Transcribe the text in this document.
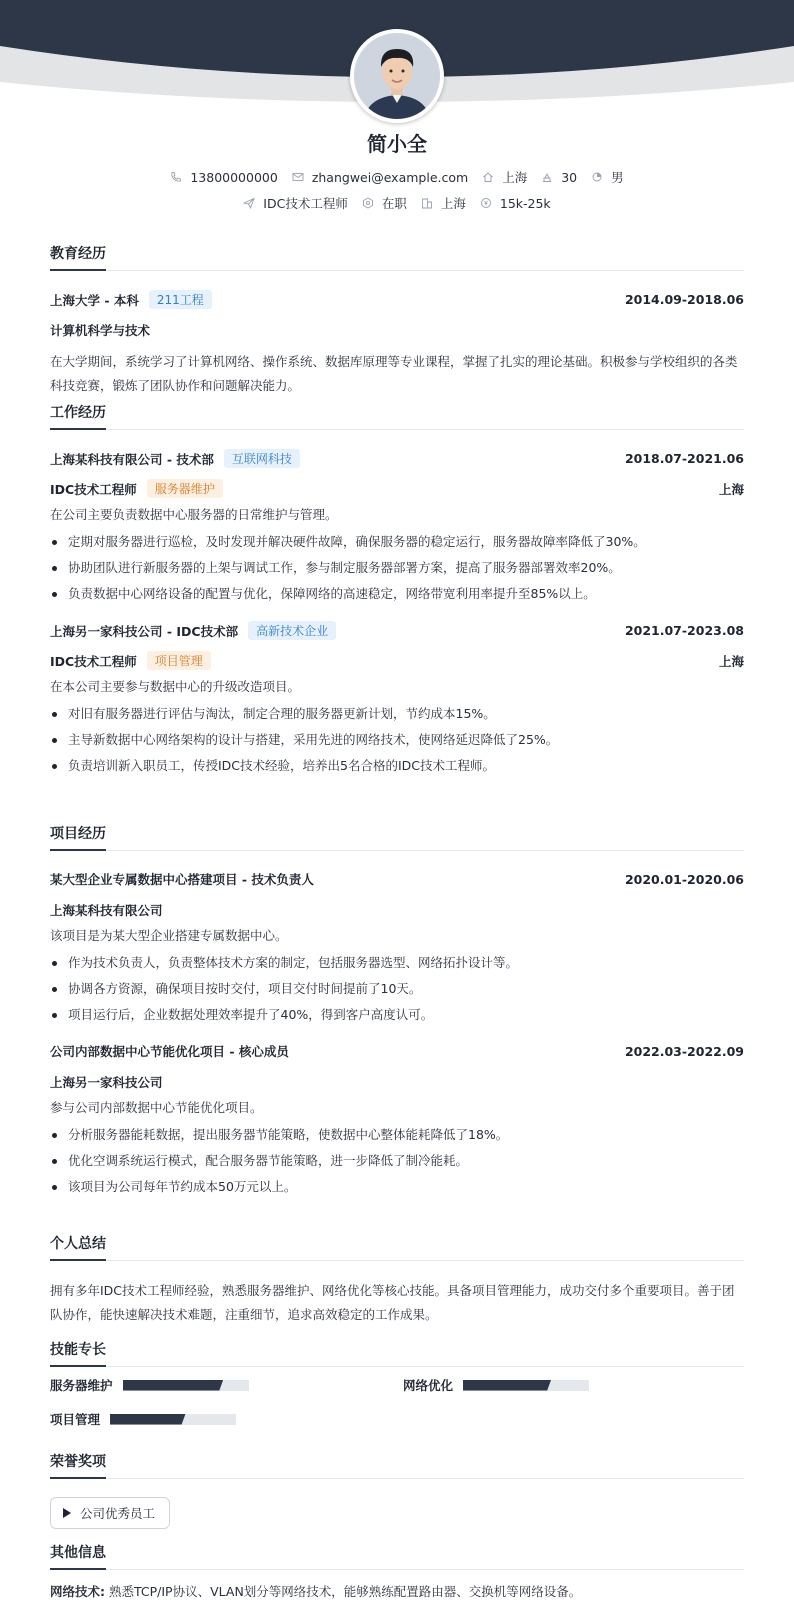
简小全
13800000000	zhangwei@example.com	上海	30	男
IDC技术工程师	在职	上海	15k-25k
教育经历
上海大学 - 本科	211工程	2014.09-2018.06
计算机科学与技术
在大学期间，系统学习了计算机网络、操作系统、数据库原理等专业课程，掌握了扎实的理论基础。积极参与学校组织的各类科技竞赛，锻炼了团队协作和问题解决能力。
工作经历
上海某科技有限公司 - 技术部	互联网科技	2018.07-2021.06
IDC技术工程师	服务器维护	上海
在公司主要负责数据中心服务器的日常维护与管理。
定期对服务器进行巡检，及时发现并解决硬件故障，确保服务器的稳定运行，服务器故障率降低了30%。
协助团队进行新服务器的上架与调试工作，参与制定服务器部署方案，提高了服务器部署效率20%。
负责数据中心网络设备的配置与优化，保障网络的高速稳定，网络带宽利用率提升至85%以上。
上海另一家科技公司 - IDC技术部	高新技术企业	2021.07-2023.08
IDC技术工程师	项目管理	上海
在本公司主要参与数据中心的升级改造项目。
对旧有服务器进行评估与淘汰，制定合理的服务器更新计划，节约成本15%。
主导新数据中心网络架构的设计与搭建，采用先进的网络技术，使网络延迟降低了25%。
负责培训新入职员工，传授IDC技术经验，培养出5名合格的IDC技术工程师。
项目经历
某大型企业专属数据中心搭建项目 - 技术负责人	2020.01-2020.06
上海某科技有限公司
该项目是为某大型企业搭建专属数据中心。
作为技术负责人，负责整体技术方案的制定，包括服务器选型、网络拓扑设计等。
协调各方资源，确保项目按时交付，项目交付时间提前了10天。
项目运行后，企业数据处理效率提升了40%，得到客户高度认可。
公司内部数据中心节能优化项目 - 核心成员	2022.03-2022.09
上海另一家科技公司
参与公司内部数据中心节能优化项目。
分析服务器能耗数据，提出服务器节能策略，使数据中心整体能耗降低了18%。
优化空调系统运行模式，配合服务器节能策略，进一步降低了制冷能耗。
该项目为公司每年节约成本50万元以上。
个人总结
拥有多年IDC技术工程师经验，熟悉服务器维护、网络优化等核心技能。具备项目管理能力，成功交付多个重要项目。善于团队协作，能快速解决技术难题，注重细节，追求高效稳定的工作成果。
技能专长
服务器维护	网络优化
项目管理
荣誉奖项
公司优秀员工
其他信息
网络技术: 熟悉TCP/IP协议、VLAN划分等网络技术，能够熟练配置路由器、交换机等网络设备。
